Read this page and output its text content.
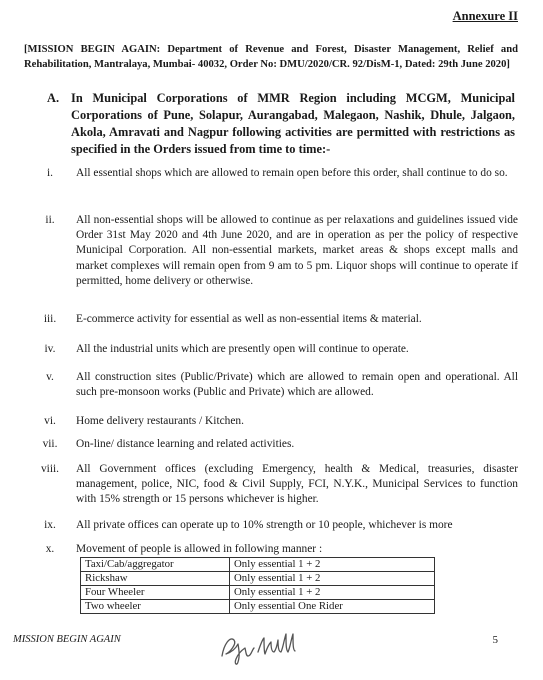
Annexure II
[MISSION BEGIN AGAIN: Department of Revenue and Forest, Disaster Management, Relief and Rehabilitation, Mantralaya, Mumbai- 40032, Order No: DMU/2020/CR. 92/DisM-1, Dated: 29th June 2020]
A. In Municipal Corporations of MMR Region including MCGM, Municipal Corporations of Pune, Solapur, Aurangabad, Malegaon, Nashik, Dhule, Jalgaon, Akola, Amravati and Nagpur following activities are permitted with restrictions as specified in the Orders issued from time to time:-
i.	All essential shops which are allowed to remain open before this order, shall continue to do so.
ii.	All non-essential shops will be allowed to continue as per relaxations and guidelines issued vide Order 31st May 2020 and 4th June 2020, and are in operation as per the policy of respective Municipal Corporation. All non-essential markets, market areas & shops except malls and market complexes will remain open from 9 am to 5 pm. Liquor shops will continue to operate if permitted, home delivery or otherwise.
iii.	E-commerce activity for essential as well as non-essential items & material.
iv.	All the industrial units which are presently open will continue to operate.
v.	All construction sites (Public/Private) which are allowed to remain open and operational. All such pre-monsoon works (Public and Private) which are allowed.
vi.	Home delivery restaurants / Kitchen.
vii.	On-line/ distance learning and related activities.
viii.	All Government offices (excluding Emergency, health & Medical, treasuries, disaster management, police, NIC, food & Civil Supply, FCI, N.Y.K., Municipal Services to function with 15% strength or 15 persons whichever is higher.
ix.	All private offices can operate up to 10% strength or 10 people, whichever is more
x.	Movement of people is allowed in following manner :
Taxi/Cab/aggregator	Only essential 1 + 2
Rickshaw	Only essential 1 + 2
Four Wheeler	Only essential 1 + 2
Two wheeler	Only essential One Rider
MISSION BEGIN AGAIN	5
